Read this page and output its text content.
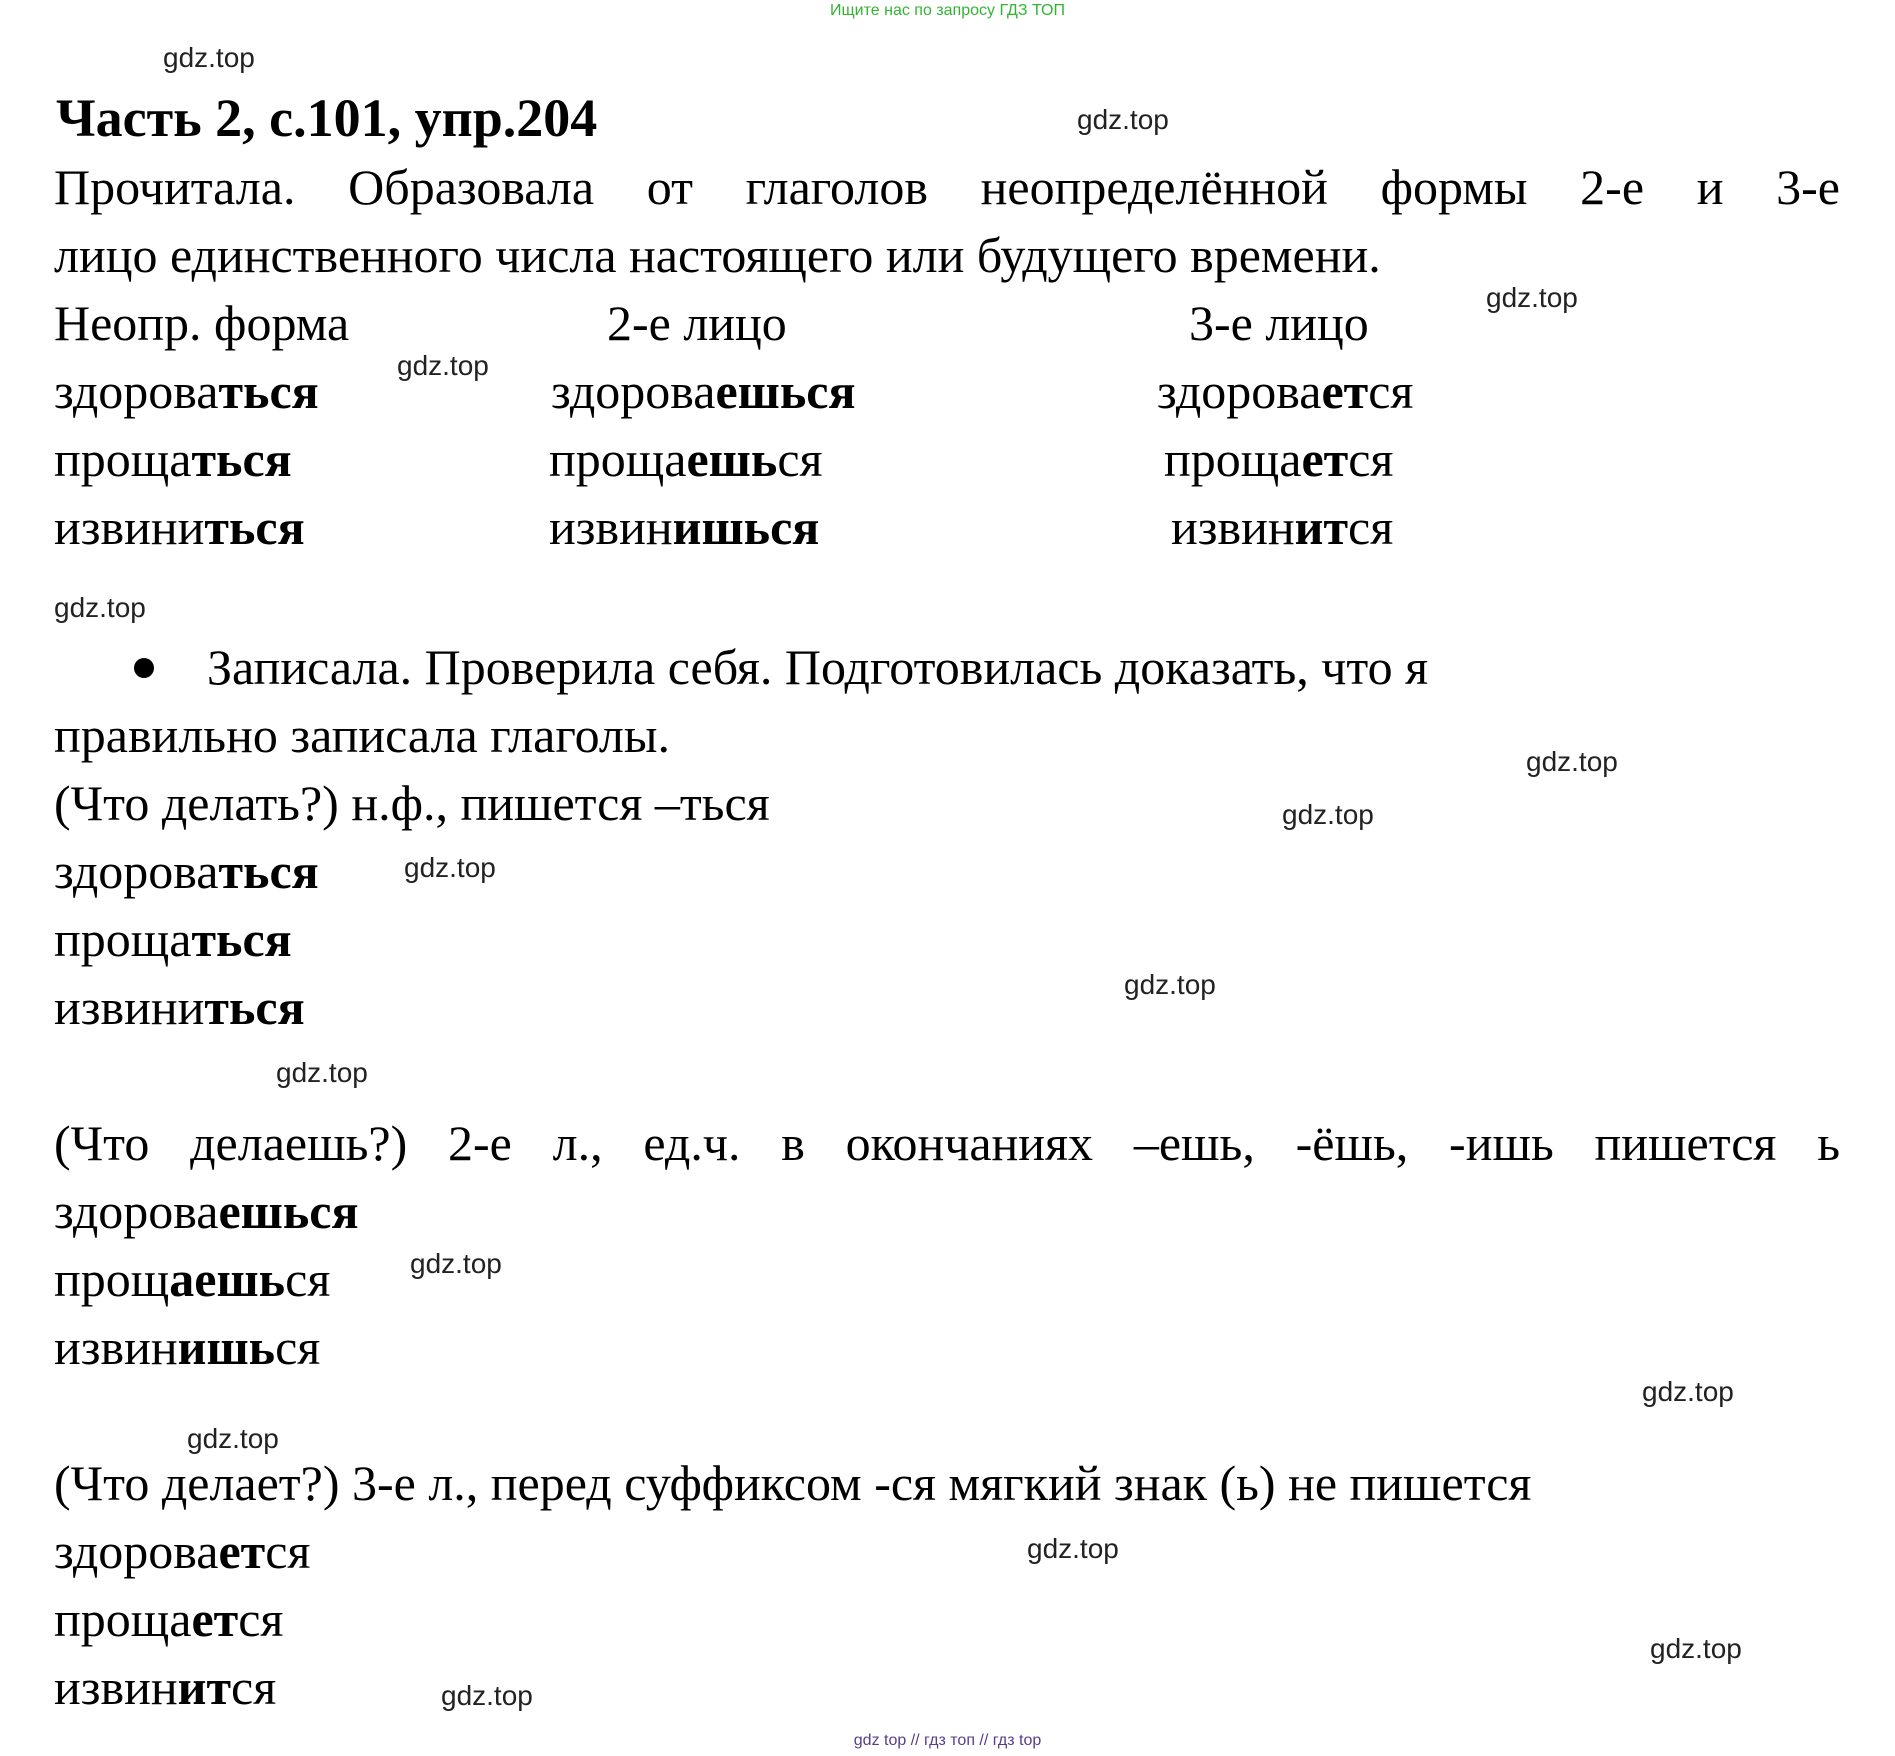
Ищите нас по запросу ГДЗ ТОП
gdz.top
gdz.top
gdz.top
gdz.top
gdz.top
gdz.top
gdz.top
gdz.top
gdz.top
gdz.top
gdz.top
gdz.top
gdz.top
gdz.top
gdz.top
gdz.top
Часть 2, с.101, упр.204
Прочитала. Образовала от глаголов неопределённой формы 2-е и 3-е
лицо единственного числа настоящего или будущего времени.
Неопр. форма	2-е лицо	3-е лицо
здороваться	здороваешься	здоровается
прощаться	прощаешься	прощается
извиниться	извинишься	извинится
Записала. Проверила себя. Подготовилась доказать, что я
правильно записала глаголы.
(Что делать?) н.ф., пишется –ться
здороваться
прощаться
извиниться
(Что делаешь?) 2-е л., ед.ч. в окончаниях –ешь, -ёшь, -ишь пишется ь
здороваешься
прощаешься
извинишься
(Что делает?) 3-е л., перед суффиксом -ся мягкий знак (ь) не пишется
здоровается
прощается
извинится
gdz top // гдз топ // гдз top
